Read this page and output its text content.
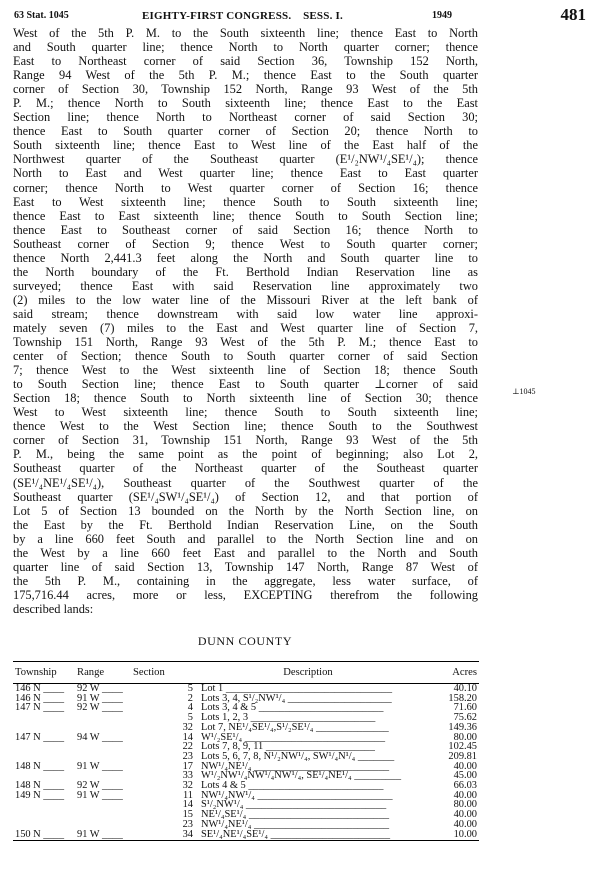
63 Stat. 1045	EIGHTY-FIRST CONGRESS.    SESS. I.	1949	481
West of the 5th P. M. to the South sixteenth line; thence East to North
and South quarter line; thence North to North quarter corner; thence
East to Northeast corner of said Section 36, Township 152 North,
Range 94 West of the 5th P. M.; thence East to the South quarter
corner of Section 30, Township 152 North, Range 93 West of the 5th
P. M.; thence North to South sixteenth line; thence East to the East
Section line; thence North to Northeast corner of said Section 30;
thence East to South quarter corner of Section 20; thence North to
South sixteenth line; thence East to West line of the East half of the
Northwest quarter of the Southeast quarter (E¹/₂NW¹/₄SE¹/₄); thence
North to East and West quarter line; thence East to East quarter
corner; thence North to West quarter corner of Section 16; thence
East to West sixteenth line; thence South to South sixteenth line;
thence East to East sixteenth line; thence South to South Section line;
thence East to Southeast corner of said Section 16; thence North to
Southeast corner of Section 9; thence West to South quarter corner;
thence North 2,441.3 feet along the North and South quarter line to
the North boundary of the Ft. Berthold Indian Reservation line as
surveyed; thence East with said Reservation line approximately two
(2) miles to the low water line of the Missouri River at the left bank of
said stream; thence downstream with said low water line approxi-
mately seven (7) miles to the East and West quarter line of Section 7,
Township 151 North, Range 93 West of the 5th P. M.; thence East to
center of Section; thence South to South quarter corner of said Section
7; thence West to the West sixteenth line of Section 18; thence South
to South Section line; thence East to South quarter ⊥corner of said
Section 18; thence South to North sixteenth line of Section 30; thence
West to West sixteenth line; thence South to South sixteenth line;
thence West to the West Section line; thence South to the Southwest
corner of Section 31, Township 151 North, Range 93 West of the 5th
P. M., being the same point as the point of beginning; also Lot 2,
Southeast quarter of the Northeast quarter of the Southeast quarter
(SE¹/₄NE¹/₄SE¹/₄), Southeast quarter of the Southwest quarter of the
Southeast quarter (SE¹/₄SW¹/₄SE¹/₄) of Section 12, and that portion of
Lot 5 of Section 13 bounded on the North by the North Section line, on
the East by the Ft. Berthold Indian Reservation Line, on the South
by a line 660 feet South and parallel to the North Section line and on
the West by a line 660 feet East and parallel to the North and South
quarter line of said Section 13, Township 147 North, Range 87 West of
the 5th P. M., containing in the aggregate, less water surface, of
175,716.44 acres, more or less, EXCEPTING therefrom the following
described lands:
⊥1045
DUNN COUNTY
Township	Range	Section	Description	Acres

146 N ____	92 W ____	5	Lot 1 ________________________________	40.10
146 N ____	91 W ____	2	Lots 3, 4, S¹/₂NW¹/₄ ____________________	158.20

147 N ____	92 W ____	4	Lots 3, 4 & 5 ________________________	71.60
		5	Lots 1, 2, 3 ________________________	75.62
		32	Lot 7, NE¹/₄SE¹/₄,S¹/₂SE¹/₄ ______________	149.36

147 N ____	94 W ____	14	W¹/₂SE¹/₄ ___________________________	80.00
		22	Lots 7, 8, 9, 11 _____________________	102.45
		23	Lots 5, 6, 7, 8, N¹/₂NW¹/₄, SW¹/₄N¹/₄ _______	209.81

148 N ____	91 W ____	17	NW¹/₄NE¹/₄ __________________________	40.00
		33	W¹/₂NW¹/₄NW¹/₄NW¹/₄, SE¹/₄NE¹/₄ _________	45.00

148 N ____	92 W ____	32	Lots 4 & 5 __________________________	66.03
149 N ____	91 W ____	11	NW¹/₄NW¹/₄ __________________________	40.00
		14	S¹/₂NW¹/₄ ___________________________	80.00
		15	NE¹/₄SE¹/₄ ___________________________	40.00
		23	NW¹/₄NE¹/₄ __________________________	40.00
150 N ____	91 W ____	34	SE¹/₄NE¹/₄SE¹/₄ _______________________	10.00
